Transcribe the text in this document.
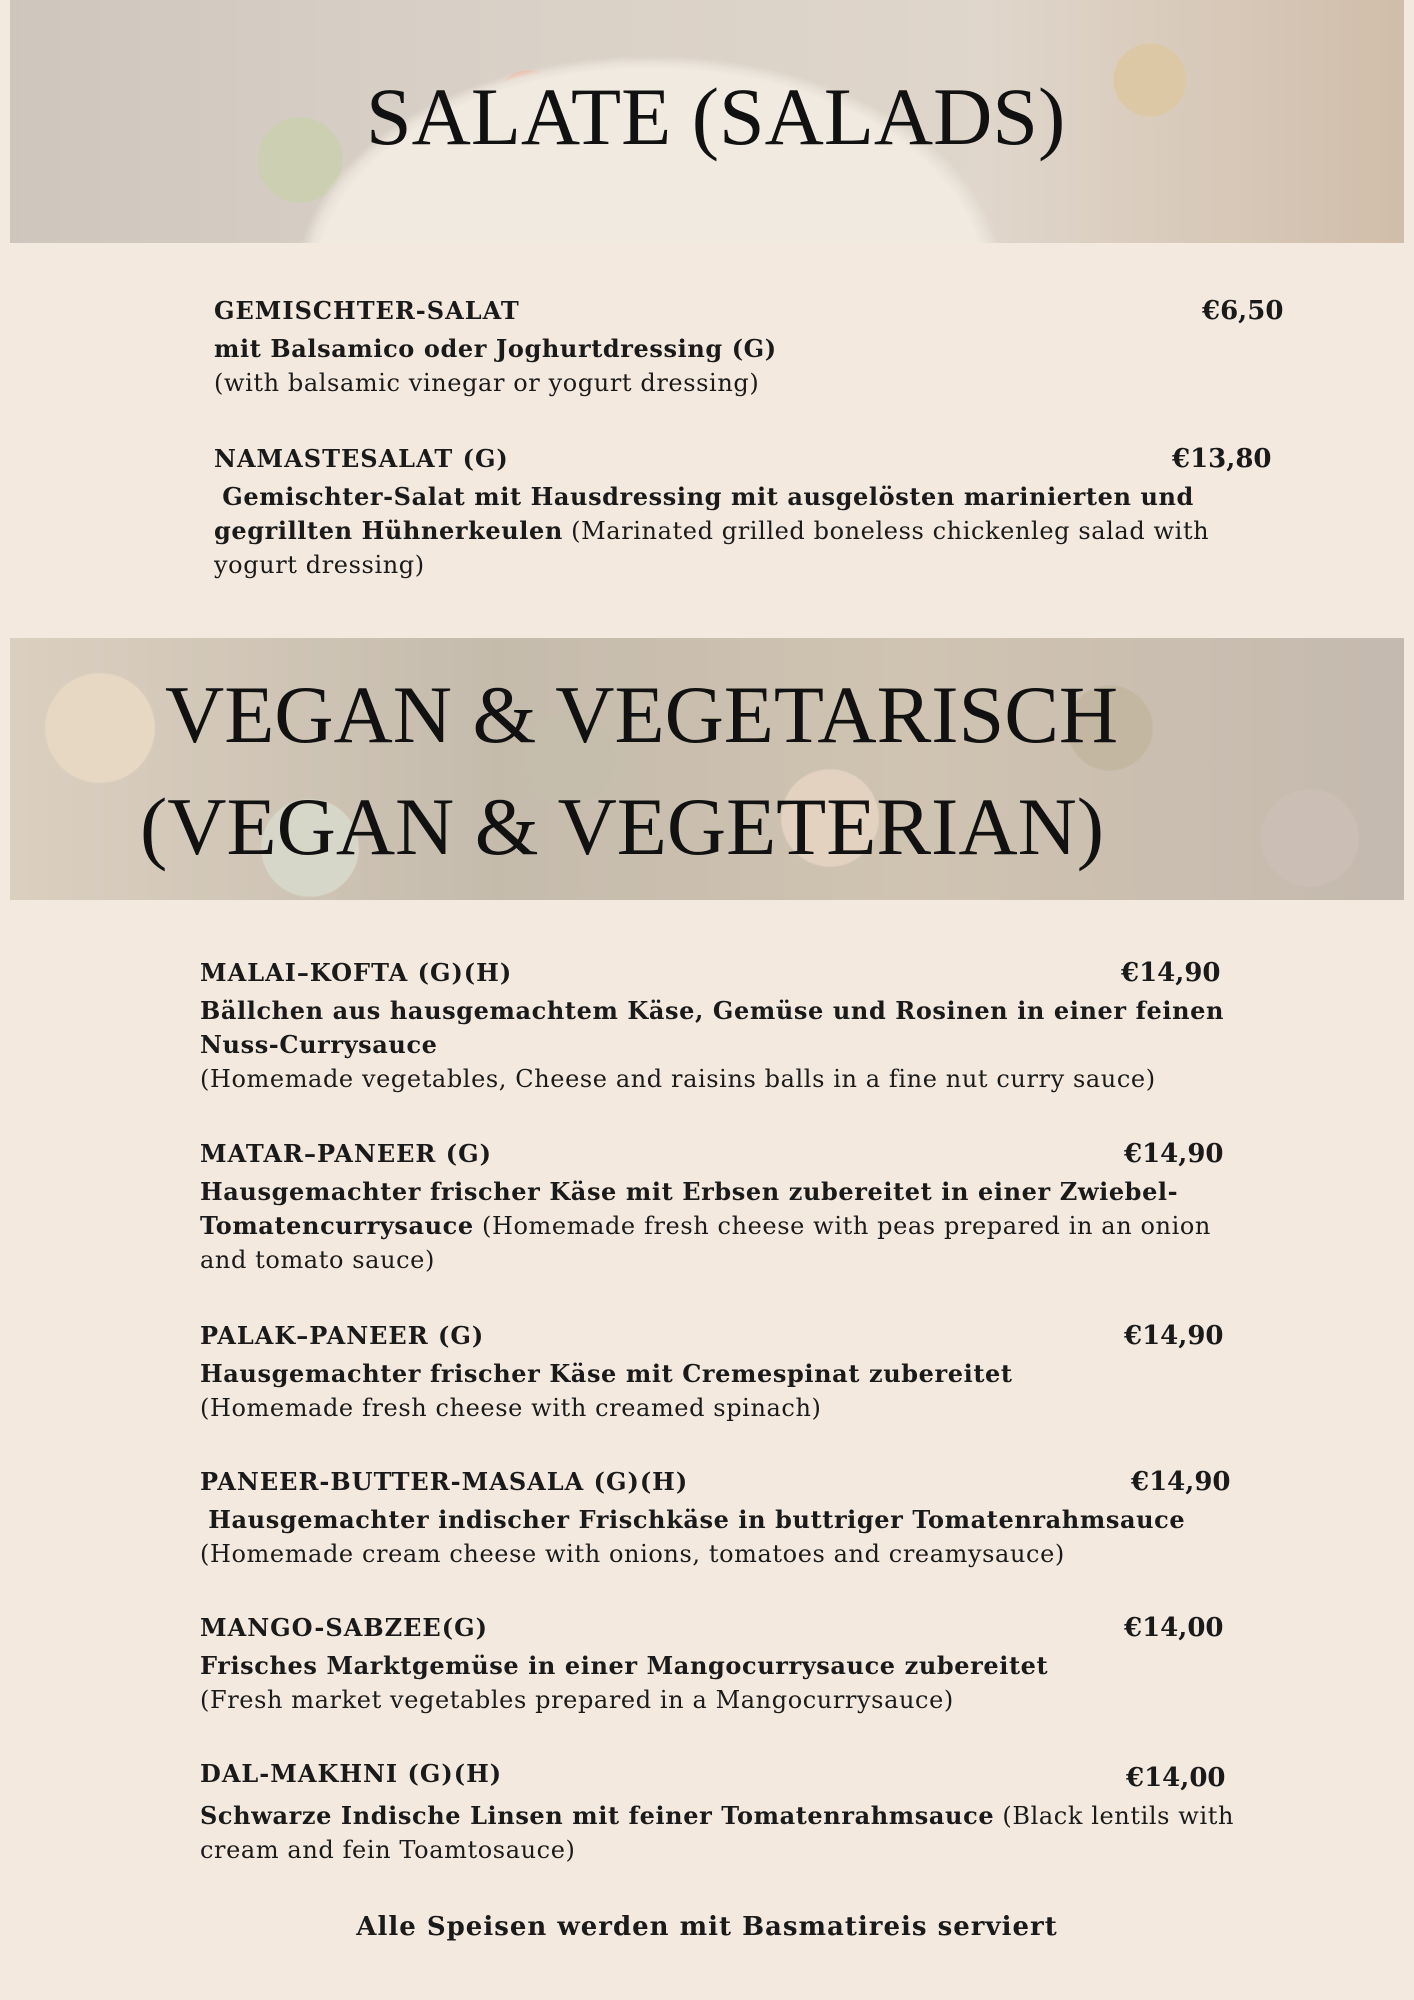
SALATE (SALADS)
GEMISCHTER-SALAT	€6,50
mit Balsamico oder Joghurtdressing (G)
(with balsamic vinegar or yogurt dressing)
NAMASTESALAT (G)	€13,80
Gemischter-Salat mit Hausdressing mit ausgelösten marinierten und gegrillten Hühnerkeulen (Marinated grilled boneless chickenleg salad with yogurt dressing)
VEGAN & VEGETARISCH
(VEGAN & VEGETERIAN)
MALAI–KOFTA (G)(H)	€14,90
Bällchen aus hausgemachtem Käse, Gemüse und Rosinen in einer feinen Nuss-Currysauce
(Homemade vegetables, Cheese and raisins balls in a fine nut curry sauce)
MATAR–PANEER (G)	€14,90
Hausgemachter frischer Käse mit Erbsen zubereitet in einer Zwiebel-Tomatencurrysauce (Homemade fresh cheese with peas prepared in an onion and tomato sauce)
PALAK–PANEER (G)	€14,90
Hausgemachter frischer Käse mit Cremespinat zubereitet
(Homemade fresh cheese with creamed spinach)
PANEER-BUTTER-MASALA (G)(H)	€14,90
Hausgemachter indischer Frischkäse in buttriger Tomatenrahmsauce
(Homemade cream cheese with onions, tomatoes and creamysauce)
MANGO-SABZEE(G)	€14,00
Frisches Marktgemüse in einer Mangocurrysauce zubereitet
(Fresh market vegetables prepared in a Mangocurrysauce)
DAL-MAKHNI (G)(H)	€14,00
Schwarze Indische Linsen mit feiner Tomatenrahmsauce (Black lentils with cream and fein Toamtosauce)
Alle Speisen werden mit Basmatireis serviert
